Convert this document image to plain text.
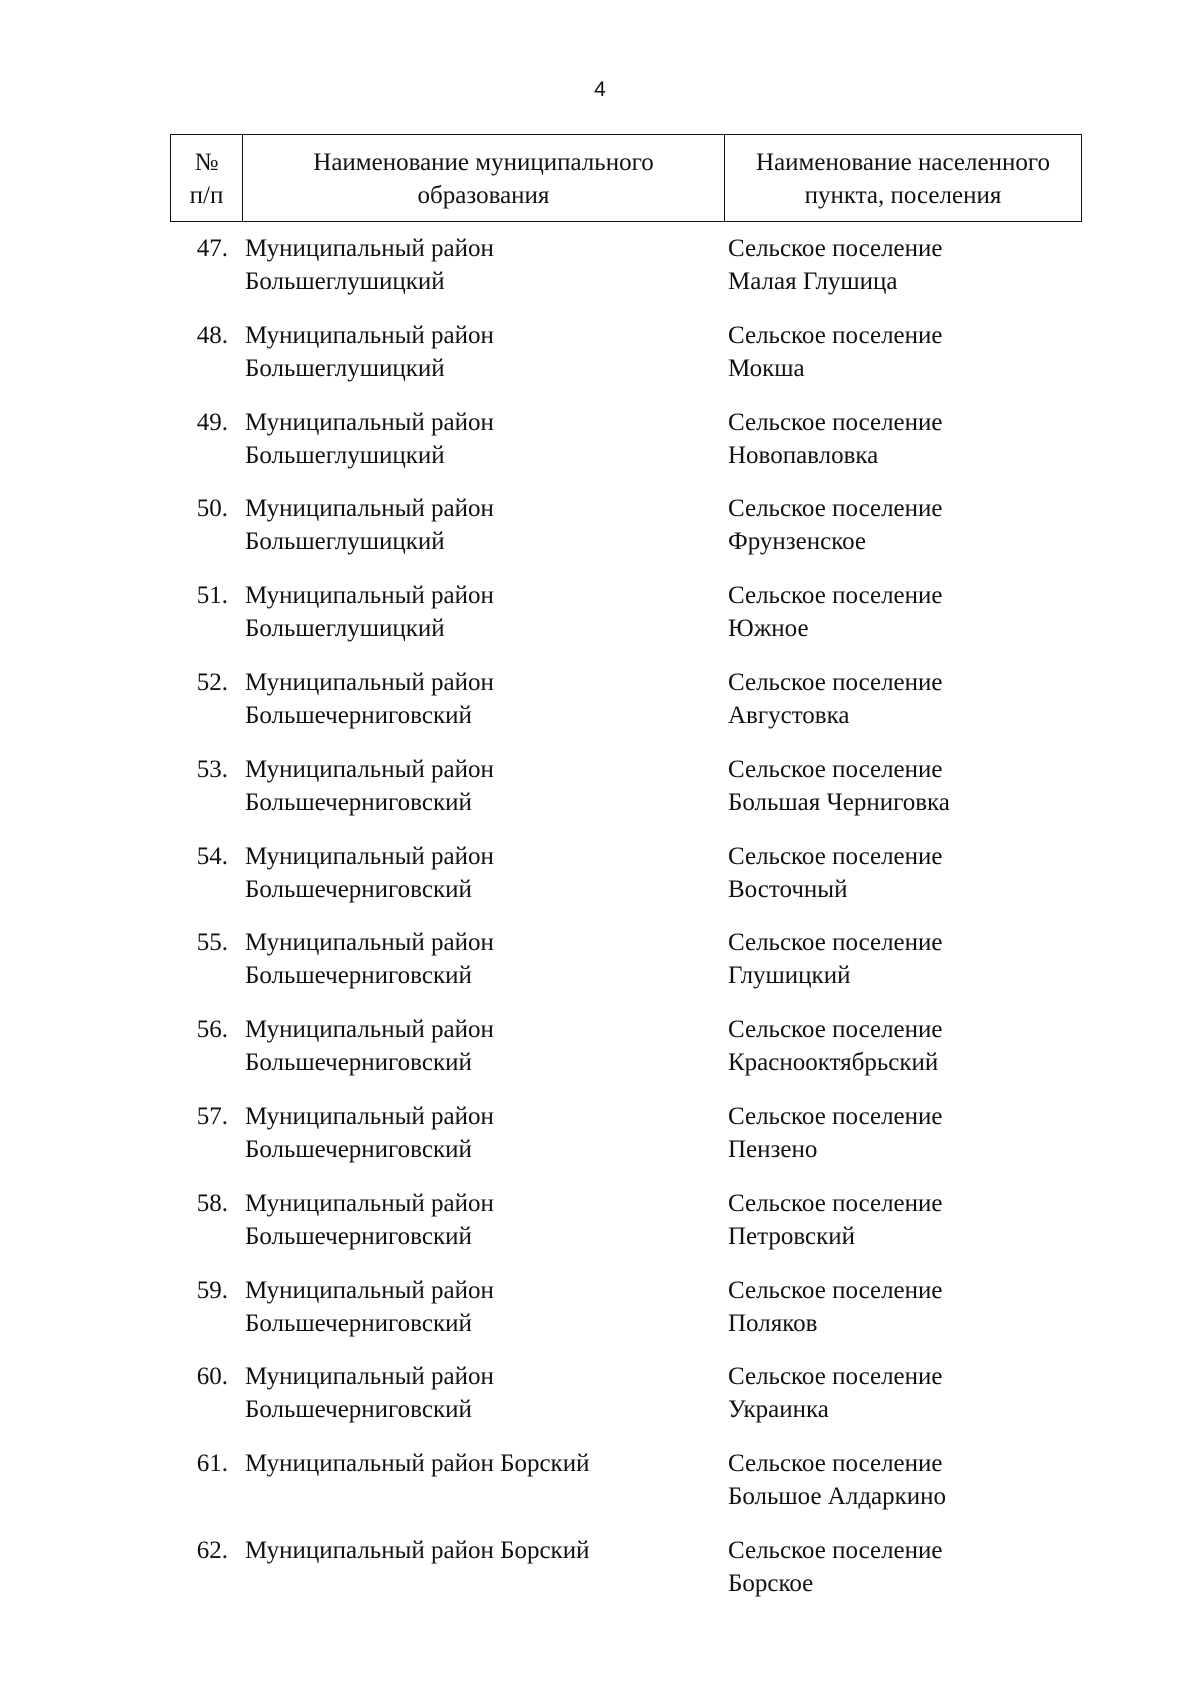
4
№
п/п
Наименование муниципального
образования
Наименование населенного
пункта, поселения
47. Муниципальный район
Большеглушицкий
Сельское поселение
Малая Глушица
48. Муниципальный район
Большеглушицкий
Сельское поселение
Мокша
49. Муниципальный район
Большеглушицкий
Сельское поселение
Новопавловка
50. Муниципальный район
Большеглушицкий
Сельское поселение
Фрунзенское
51. Муниципальный район
Большеглушицкий
Сельское поселение
Южное
52. Муниципальный район
Большечерниговский
Сельское поселение
Августовка
53. Муниципальный район
Большечерниговский
Сельское поселение
Большая Черниговка
54. Муниципальный район
Большечерниговский
Сельское поселение
Восточный
55. Муниципальный район
Большечерниговский
Сельское поселение
Глушицкий
56. Муниципальный район
Большечерниговский
Сельское поселение
Краснооктябрьский
57. Муниципальный район
Большечерниговский
Сельское поселение
Пензено
58. Муниципальный район
Большечерниговский
Сельское поселение
Петровский
59. Муниципальный район
Большечерниговский
Сельское поселение
Поляков
60. Муниципальный район
Большечерниговский
Сельское поселение
Украинка
61. Муниципальный район Борский	Сельское поселение
Большое Алдаркино
62. Муниципальный район Борский	Сельское поселение
Борское
